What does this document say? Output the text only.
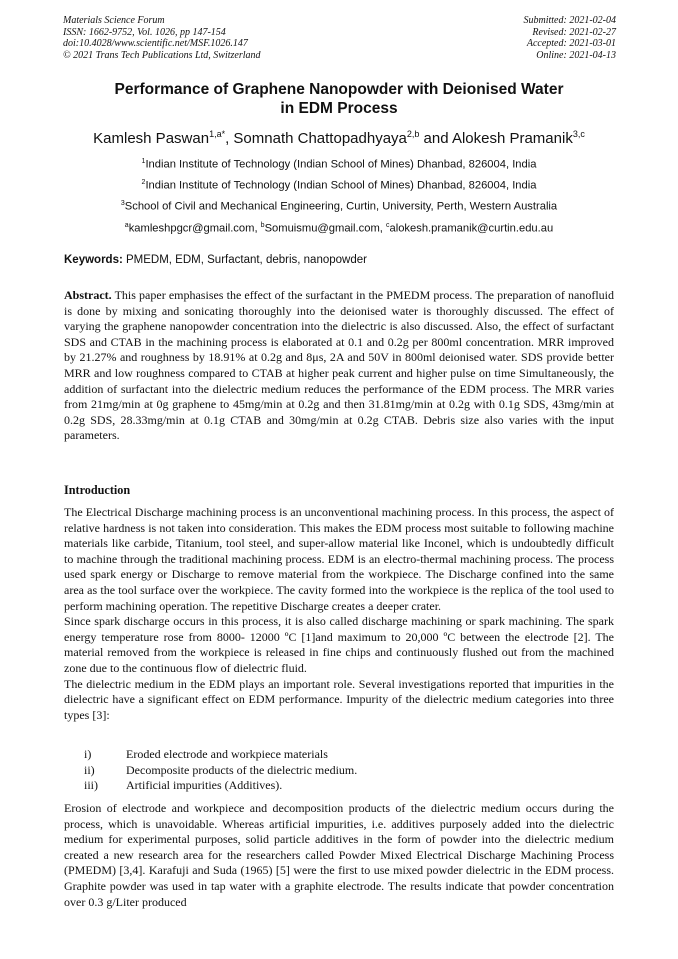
Materials Science Forum
ISSN: 1662-9752, Vol. 1026, pp 147-154
doi:10.4028/www.scientific.net/MSF.1026.147
© 2021 Trans Tech Publications Ltd, Switzerland
Submitted: 2021-02-04
Revised: 2021-02-27
Accepted: 2021-03-01
Online: 2021-04-13
Performance of Graphene Nanopowder with Deionised Water
in EDM Process
Kamlesh Paswan$^{1,a*}$, Somnath Chattopadhyaya$^{2,b}$ and Alokesh Pramanik$^{3,c}$
$^1$Indian Institute of Technology (Indian School of Mines) Dhanbad, 826004, India
$^2$Indian Institute of Technology (Indian School of Mines) Dhanbad, 826004, India
$^3$School of Civil and Mechanical Engineering, Curtin, University, Perth, Western Australia
$^a$kamleshpgcr@gmail.com, $^b$Somuismu@gmail.com, $^c$alokesh.pramanik@curtin.edu.au
Keywords: PMEDM, EDM, Surfactant, debris, nanopowder

Abstract. This paper emphasises the effect of the surfactant in the PMEDM process. The preparation of nanofluid is done by mixing and sonicating thoroughly into the deionised water is thoroughly discussed. The effect of varying the graphene nanopowder concentration into the dielectric is also discussed. Also, the effect of surfactant SDS and CTAB in the machining process is elaborated at 0.1 and 0.2g per 800ml concentration. MRR improved by 21.27% and roughness by 18.91% at 0.2g and 8μs, 2A and 50V in 800ml deionised water. SDS provide better MRR and low roughness compared to CTAB at higher peak current and higher pulse on time Simultaneously, the addition of surfactant into the dielectric medium reduces the performance of the EDM process. The MRR varies from 21mg/min at 0g graphene to 45mg/min at 0.2g and then 31.81mg/min at 0.2g with 0.1g SDS, 43mg/min at 0.2g SDS, 28.33mg/min at 0.1g CTAB and 30mg/min at 0.2g CTAB. Debris size also varies with the input parameters.

Introduction

The Electrical Discharge machining process is an unconventional machining process. In this process, the aspect of relative hardness is not taken into consideration. This makes the EDM process most suitable to following machine materials like carbide, Titanium, tool steel, and super-allow material like Inconel, which is undoubtedly difficult to machine through the traditional machining process. EDM is an electro-thermal machining process. The process used spark energy or Discharge to remove material from the workpiece. The Discharge confined into the same area as the tool surface over the workpiece. The cavity formed into the workpiece is the replica of the tool used to perform machining operation. The repetitive Discharge creates a deeper crater.

Since spark discharge occurs in this process, it is also called discharge machining or spark machining. The spark energy temperature rose from 8000- 12000 ºC [1]and maximum to 20,000 ºC between the electrode [2]. The material removed from the workpiece is released in fine chips and continuously flushed out from the machined zone due to the continuous flow of dielectric fluid.

The dielectric medium in the EDM plays an important role. Several investigations reported that impurities in the dielectric have a significant effect on EDM performance. Impurity of the dielectric medium categories into three types [3]:

i)	Eroded electrode and workpiece materials
ii)	Decomposite products of the dielectric medium.
iii) Artificial impurities (Additives).

Erosion of electrode and workpiece and decomposition products of the dielectric medium occurs during the process, which is unavoidable. Whereas artificial impurities, i.e. additives purposely added into the dielectric medium for experimental purposes, solid particle additives in the form of powder into the dielectric medium created a new research area for the researchers called Powder Mixed Electrical Discharge Machining Process (PMEDM) [3,4]. Karafuji and Suda (1965) [5] were the first to use mixed powder dielectric in the EDM process. Graphite powder was used in tap water with a graphite electrode. The results indicate that powder concentration over 0.3 g/Liter produced
